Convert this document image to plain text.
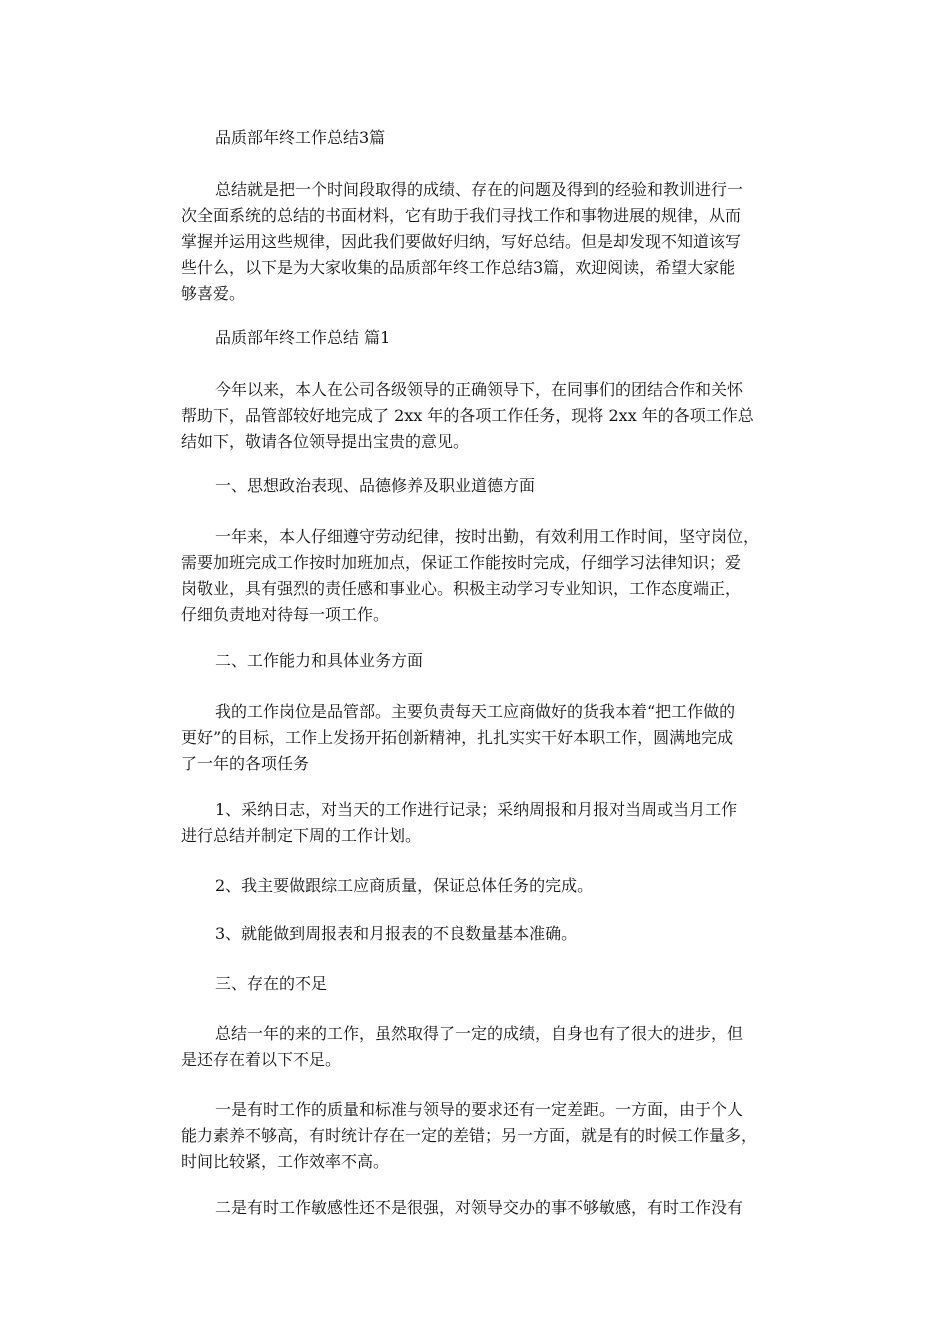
品质部年终工作总结3篇

总结就是把一个时间段取得的成绩、存在的问题及得到的经验和教训进行一

次全面系统的总结的书面材料，它有助于我们寻找工作和事物进展的规律，从而

掌握并运用这些规律，因此我们要做好归纳，写好总结。但是却发现不知道该写

些什么，以下是为大家收集的品质部年终工作总结3篇，欢迎阅读，希望大家能

够喜爱。

品质部年终工作总结 篇1

今年以来，本人在公司各级领导的正确领导下，在同事们的团结合作和关怀

帮助下，品管部较好地完成了 2xx 年的各项工作任务，现将 2xx 年的各项工作总

结如下，敬请各位领导提出宝贵的意见。

一、思想政治表现、品德修养及职业道德方面

一年来，本人仔细遵守劳动纪律，按时出勤，有效利用工作时间，坚守岗位，

需要加班完成工作按时加班加点，保证工作能按时完成，仔细学习法律知识；爱

岗敬业，具有强烈的责任感和事业心。积极主动学习专业知识，工作态度端正，

仔细负责地对待每一项工作。

二、工作能力和具体业务方面

我的工作岗位是品管部。主要负责每天工应商做好的货我本着“把工作做的

更好”的目标，工作上发扬开拓创新精神，扎扎实实干好本职工作，圆满地完成

了一年的各项任务

1、采纳日志，对当天的工作进行记录；采纳周报和月报对当周或当月工作

进行总结并制定下周的工作计划。

2、我主要做跟综工应商质量，保证总体任务的完成。

3、就能做到周报表和月报表的不良数量基本准确。

三、存在的不足

总结一年的来的工作，虽然取得了一定的成绩，自身也有了很大的进步，但

是还存在着以下不足。

一是有时工作的质量和标准与领导的要求还有一定差距。一方面，由于个人

能力素养不够高，有时统计存在一定的差错；另一方面，就是有的时候工作量多，

时间比较紧，工作效率不高。

二是有时工作敏感性还不是很强，对领导交办的事不够敏感，有时工作没有
